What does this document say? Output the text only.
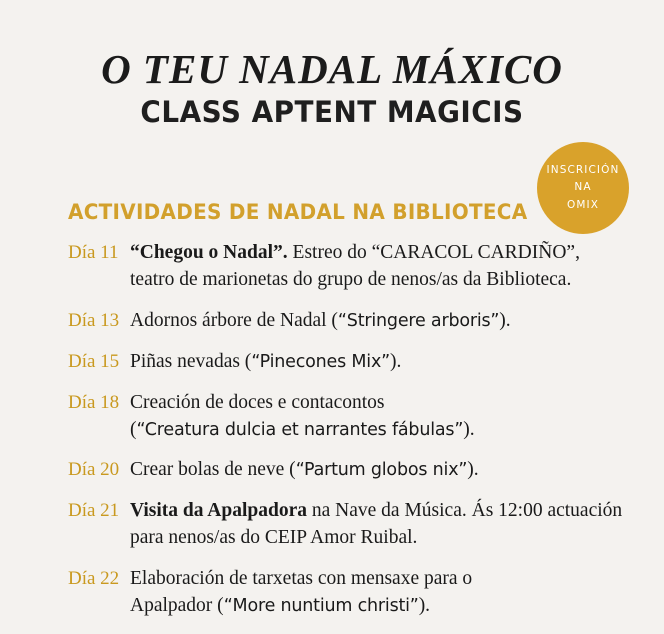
O TEU NADAL MÁXICO
CLASS APTENT MAGICIS
INSCRICIÓN
NA
OMIX
ACTIVIDADES DE NADAL NA BIBLIOTECA
Día 11 “Chegou o Nadal”. Estreo do “CARACOL CARDIÑO”, teatro de marionetas do grupo de nenos/as da Biblioteca.
Día 13 Adornos árbore de Nadal (“Stringere arboris”).
Día 15 Piñas nevadas (“Pinecones Mix”).
Día 18 Creación de doces e contacontos
(“Creatura dulcia et narrantes fábulas”).
Día 20 Crear bolas de neve (“Partum globos nix”).
Día 21 Visita da Apalpadora na Nave da Música. Ás 12:00 actuación para nenos/as do CEIP Amor Ruibal.
Día 22 Elaboración de tarxetas con mensaxe para o
Apalpador (“More nuntium christi”).
